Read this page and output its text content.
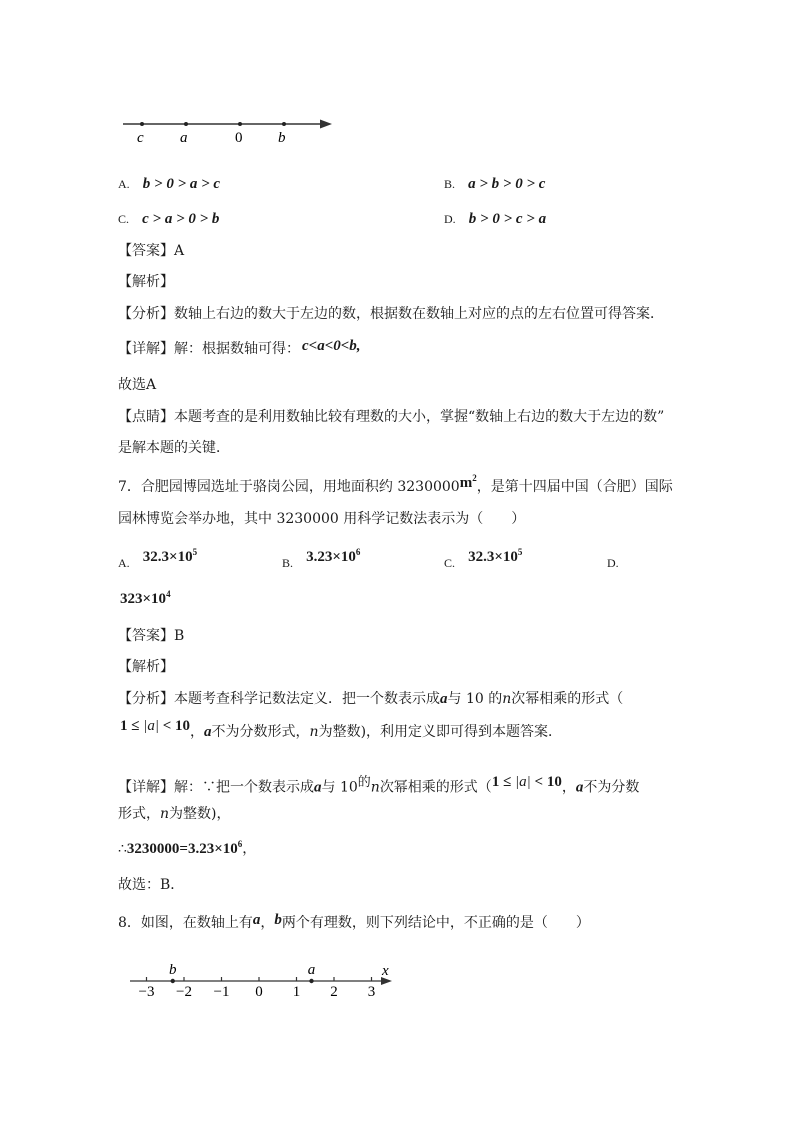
c a	0 b
A. b > 0 > a > c	B. a > b > 0 > c
C. c > a > 0 > b	D. b > 0 > c > a
【答案】A
【解析】
【分析】数轴上右边的数大于左边的数，根据数在数轴上对应的点的左右位置可得答案．
【详解】解：根据数轴可得： c<a<0<b,
故选A
【点睛】本题考查的是利用数轴比较有理数的大小，掌握“数轴上右边的数大于左边的数”
是解本题的关键．
7．合肥园博园选址于骆岗公园，用地面积约 $3230000m^2$，是第十四届中国（合肥）国际
园林博览会举办地，其中 3230000 用科学记数法表示为（　　）
$_{A.}$ $32.3\times 10^5$
$_{B.}$ $3.23\times 10^6$
$_{C.}$ $32.3\times 10^5$
D.
$323\times 10^4$
【答案】B
【解析】
【分析】本题考查科学记数法定义．把一个数表示成a与 10 的n次幂相乘的形式（
1 ≤ |a| < 10，a不为分数形式，n为整数)，利用定义即可得到本题答案．
【详解】解：∵把一个数表示成a与 $10^的n$次幂相乘的形式（1 ≤ |a| < 10，a不为分数
形式，n为整数)，
$\therefore 3230000=3.23\times 10^6$，
故选：B．
8．如图，在数轴上有a，b两个有理数，则下列结论中，不正确的是（　　）
x
−3 −2 −1 0 1 2 3
b	a
